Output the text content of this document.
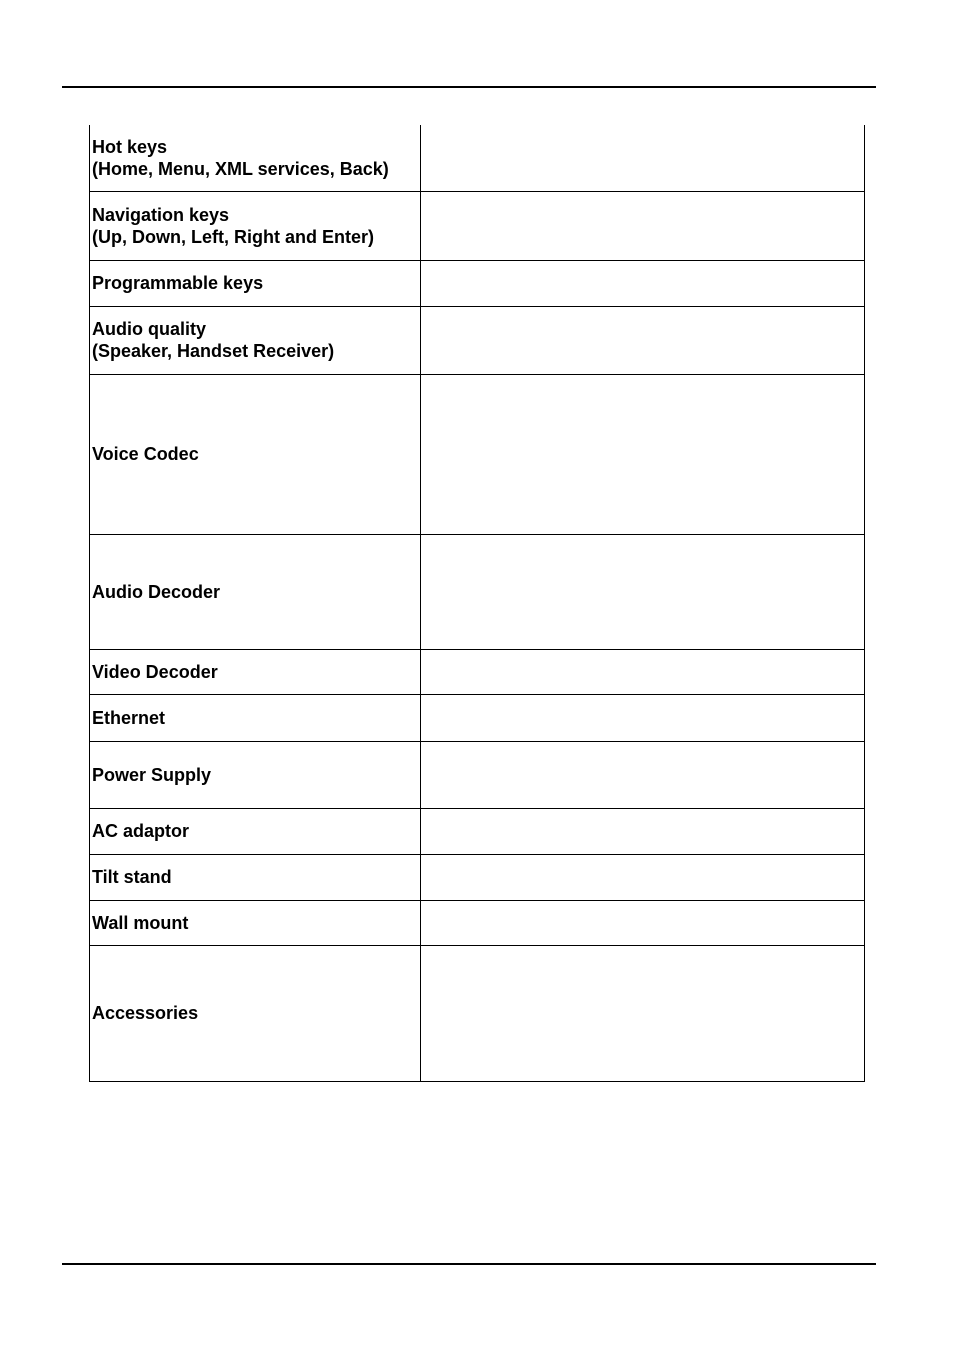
Hot keys
(Home, Menu, XML services, Back)	

Navigation keys
(Up, Down, Left, Right and Enter)	

Programmable keys	

Audio quality
(Speaker, Handset Receiver)	

Voice Codec	

Audio Decoder	

Video Decoder	

Ethernet	

Power Supply	

AC adaptor	

Tilt stand	

Wall mount	

Accessories	
